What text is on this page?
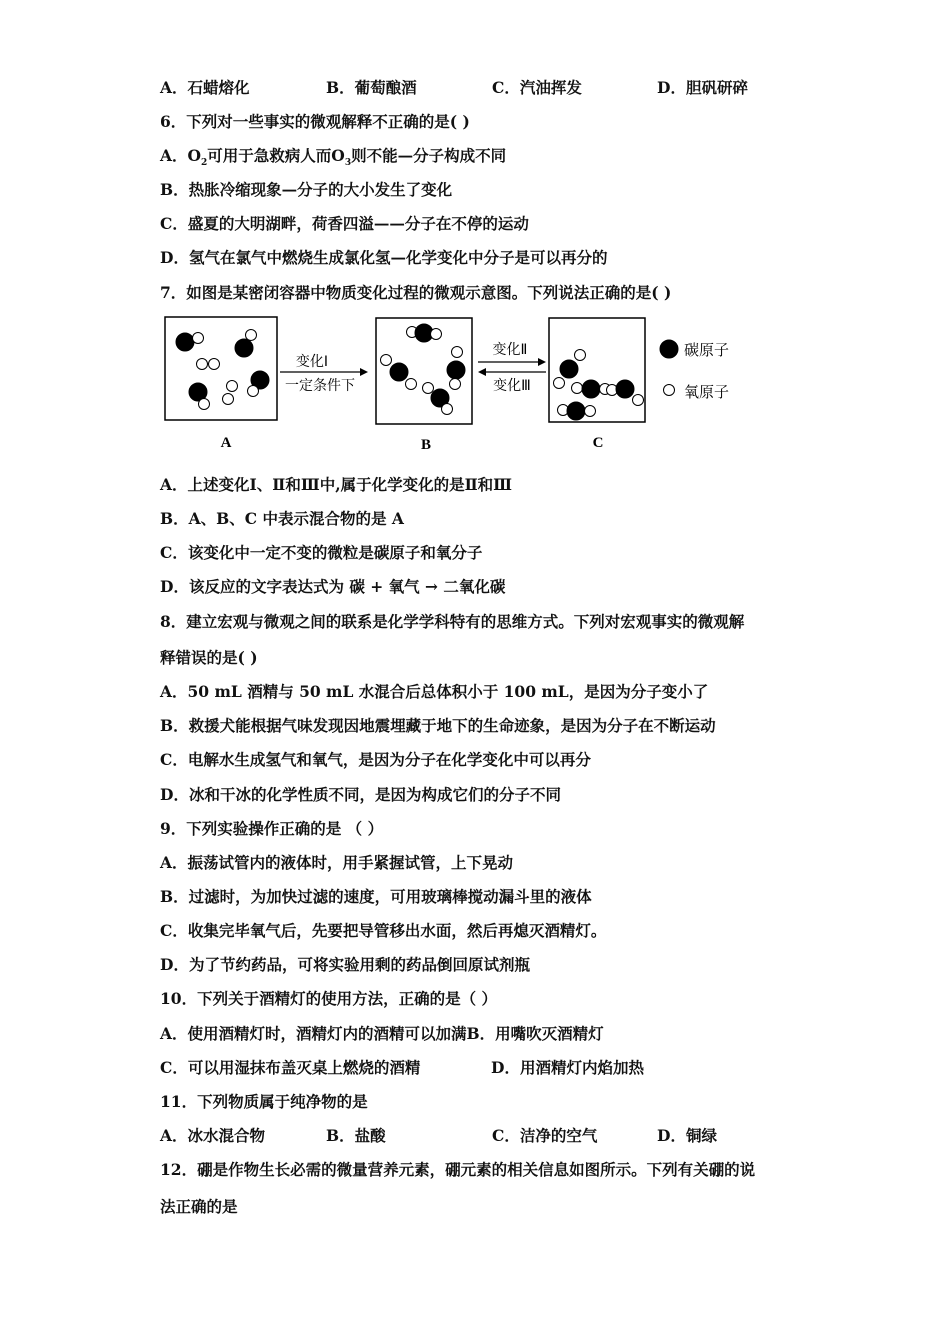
A．石蜡熔化	B．葡萄酿酒	C．汽油挥发	D．胆矾研碎
6．下列对一些事实的微观解释不正确的是( )
A．$O_2$可用于急救病人而$O_3$则不能—分子构成不同
B．热胀冷缩现象—分子的大小发生了变化
C．盛夏的大明湖畔，荷香四溢——分子在不停的运动
D．氢气在氯气中燃烧生成氯化氢—化学变化中分子是可以再分的
7．如图是某密闭容器中物质变化过程的微观示意图。下列说法正确的是( )
A
变化Ⅰ
一定条件下
B
变化Ⅱ
变化Ⅲ
C
碳原子
氧原子
A．上述变化Ⅰ、Ⅱ和Ⅲ中,属于化学变化的是Ⅱ和Ⅲ
B．A、B、C 中表示混合物的是 A
C．该变化中一定不变的微粒是碳原子和氧分子
D．该反应的文字表达式为 碳 + 氧气 → 二氧化碳
8．建立宏观与微观之间的联系是化学学科特有的思维方式。下列对宏观事实的微观解
释错误的是( )
A．50 mL 酒精与 50 mL 水混合后总体积小于 100 mL，是因为分子变小了
B．救援犬能根据气味发现因地震埋藏于地下的生命迹象，是因为分子在不断运动
C．电解水生成氢气和氧气，是因为分子在化学变化中可以再分
D．冰和干冰的化学性质不同，是因为构成它们的分子不同
9．下列实验操作正确的是 （ ）
A．振荡试管内的液体时，用手紧握试管，上下晃动
B．过滤时，为加快过滤的速度，可用玻璃棒搅动漏斗里的液体
C．收集完毕氧气后，先要把导管移出水面，然后再熄灭酒精灯。
D．为了节约药品，可将实验用剩的药品倒回原试剂瓶
10．下列关于酒精灯的使用方法，正确的是（ ）
A．使用酒精灯时，酒精灯内的酒精可以加满B．用嘴吹灭酒精灯
C．可以用湿抹布盖灭桌上燃烧的酒精	D．用酒精灯内焰加热
11．下列物质属于纯净物的是
A．冰水混合物	B．盐酸	C．洁净的空气	D．铜绿
12．硼是作物生长必需的微量营养元素，硼元素的相关信息如图所示。下列有关硼的说
法正确的是
